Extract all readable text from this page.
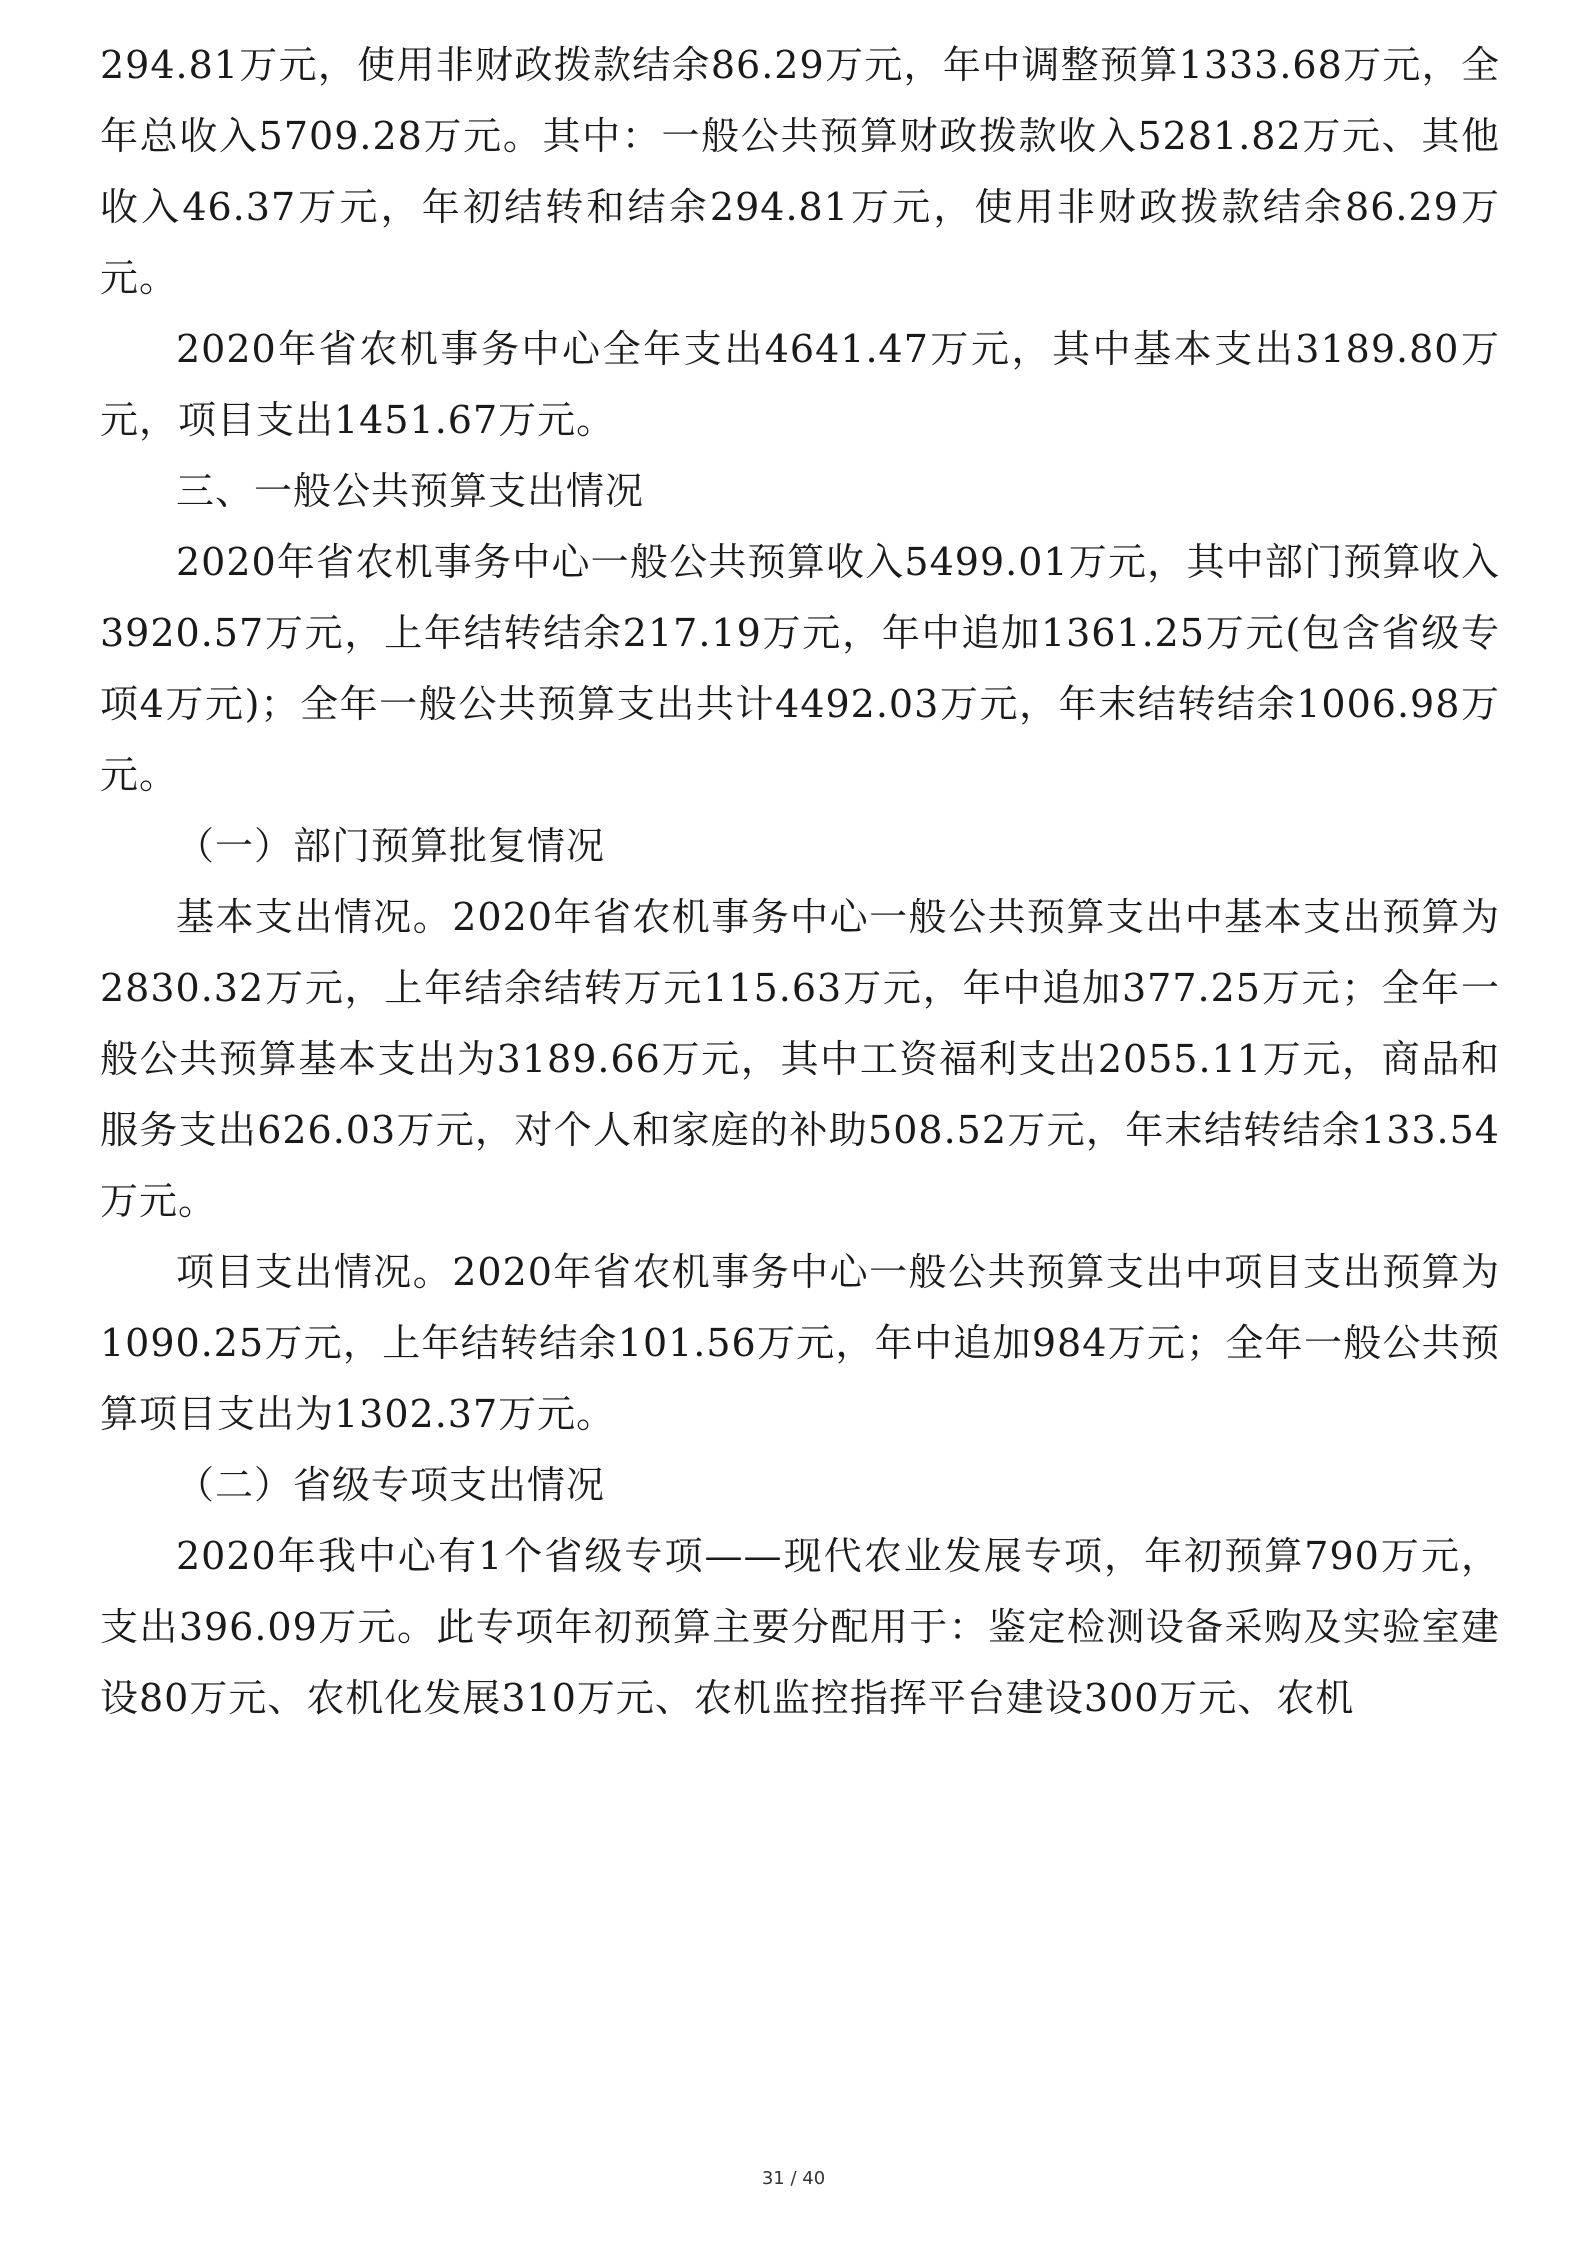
294.81万元，使用非财政拨款结余86.29万元，年中调整预算1333.68万元，全年总收入5709.28万元。其中：一般公共预算财政拨款收入5281.82万元、其他收入46.37万元，年初结转和结余294.81万元，使用非财政拨款结余86.29万元。

2020年省农机事务中心全年支出4641.47万元，其中基本支出3189.80万元，项目支出1451.67万元。

三、一般公共预算支出情况

2020年省农机事务中心一般公共预算收入5499.01万元，其中部门预算收入3920.57万元，上年结转结余217.19万元，年中追加1361.25万元(包含省级专项4万元)；全年一般公共预算支出共计4492.03万元，年末结转结余1006.98万元。

（一）部门预算批复情况

基本支出情况。2020年省农机事务中心一般公共预算支出中基本支出预算为2830.32万元，上年结余结转万元115.63万元，年中追加377.25万元；全年一般公共预算基本支出为3189.66万元，其中工资福利支出2055.11万元，商品和服务支出626.03万元，对个人和家庭的补助508.52万元，年末结转结余133.54万元。

项目支出情况。2020年省农机事务中心一般公共预算支出中项目支出预算为1090.25万元，上年结转结余101.56万元，年中追加984万元；全年一般公共预算项目支出为1302.37万元。

（二）省级专项支出情况

2020年我中心有1个省级专项——现代农业发展专项，年初预算790万元，支出396.09万元。此专项年初预算主要分配用于：鉴定检测设备采购及实验室建设80万元、农机化发展310万元、农机监控指挥平台建设300万元、农机

31 / 40
